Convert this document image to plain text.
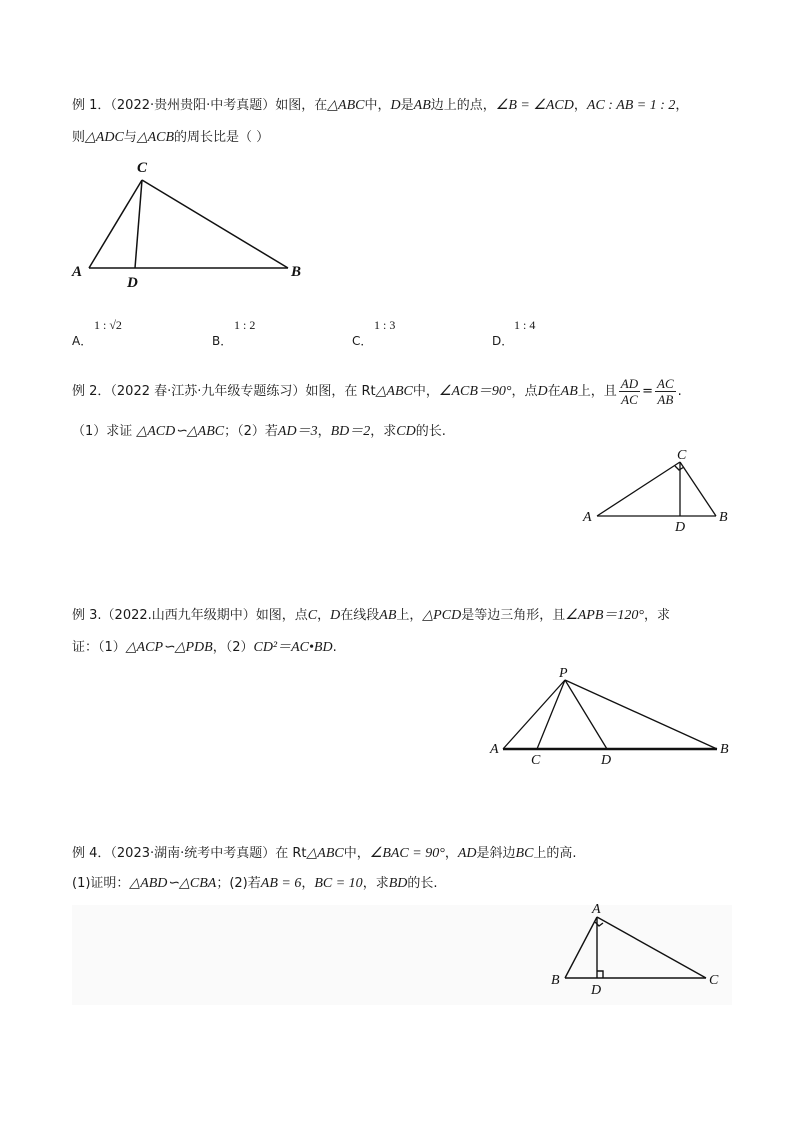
例 1．（2022·贵州贵阳·中考真题）如图，在△ABC中，D是AB边上的点，∠B = ∠ACD，AC : AB = 1 : 2，
则△ADC与△ACB的周长比是（ ）
C
A
D
B
A．
1 : √2
B．
1 : 2
C．
1 : 3
D．
1 : 4
例 2．（2022 春·江苏·九年级专题练习）如图，在 Rt△ABC中，∠ACB＝90°，点D在AB上，且 $\frac{AD}{AC} = \frac{AC}{AB}$ .
（1）求证 △ACD∽△ABC；（2）若AD＝3，BD＝2，求CD的长.
C
A
D
B
例 3.（2022.山西九年级期中）如图，点C，D在线段AB上，△PCD是等边三角形，且∠APB＝120°，求
证：（1）△ACP∽△PDB，（2）CD²＝AC•BD.
P
A
C	D
B
例 4．（2023·湖南·统考中考真题）在 Rt△ABC中，∠BAC = 90°，AD是斜边BC上的高.
(1)证明：△ABD∽△CBA；(2)若AB = 6，BC = 10，求BD的长.
A
B
D
C
